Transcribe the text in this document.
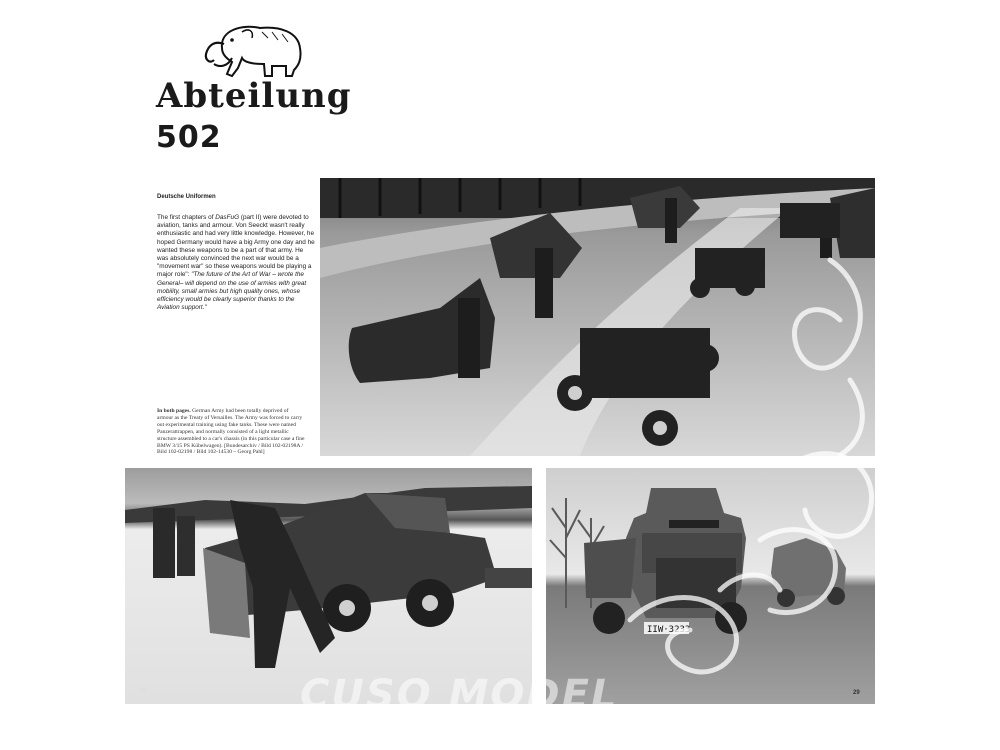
Abteilung 502
Deutsche Uniformen
The first chapters of DasFuG (part II) were devoted to aviation, tanks and armour. Von Seeckt wasn't really enthusiastic and had very little knowledge. However, he hoped Germany would have a big Army one day and he wanted these weapons to be a part of that army. He was absolutely convinced the next war would be a "movement war" so these weapons would be playing a major role": "The future of the Art of War – wrote the General– will depend on the use of armies with great mobility, small armies but high quality ones, whose efficiency would be clearly superior thanks to the Aviation support."
In both pages. German Army had been totally deprived of armour as the Treaty of Versailles. The Army was forced to carry out experimental training using fake tanks. These were named Panzerattrappen, and normally consisted of a light metallic structure assembled to a car's chassis (in this particular case a fine BMW 3/15 PS Kübelwagen). [Bundesarchiv / Bild 102-02198A / Bild 102-02198 / Bild 102-14530 – Georg Pahl]
IIW·3233
28	29
CUSO MODEL
